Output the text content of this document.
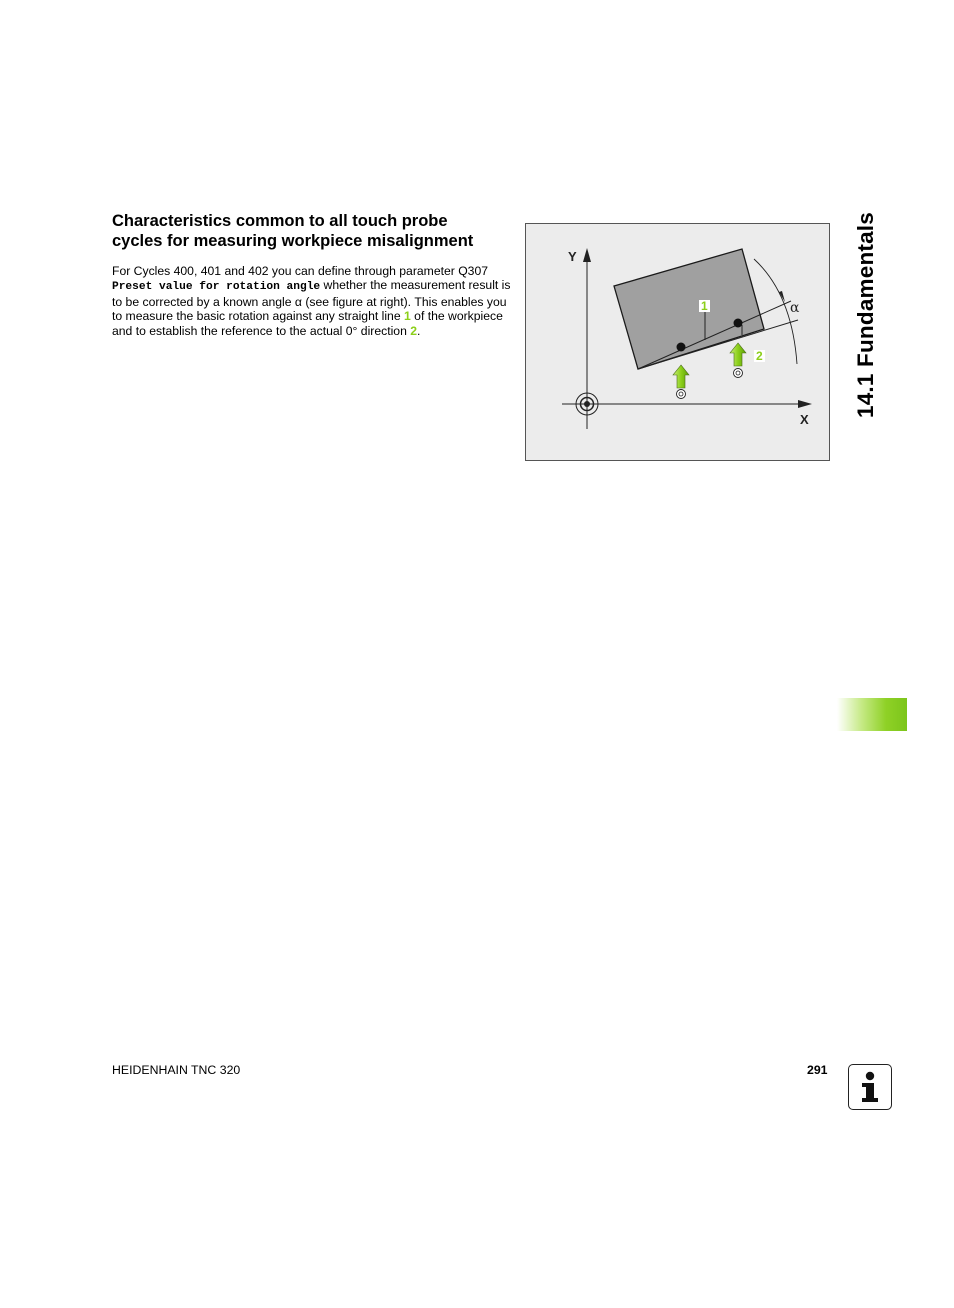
Characteristics common to all touch probe
cycles for measuring workpiece misalignment

For Cycles 400, 401 and 402 you can define through parameter Q307 Preset value for rotation angle whether the measurement result is to be corrected by a known angle α (see figure at right). This enables you to measure the basic rotation against any straight line 1 of the workpiece and to establish the reference to the actual 0° direction 2.

Y
X
α
1
2	14.1 Fundamentals
HEIDENHAIN TNC 320	291
